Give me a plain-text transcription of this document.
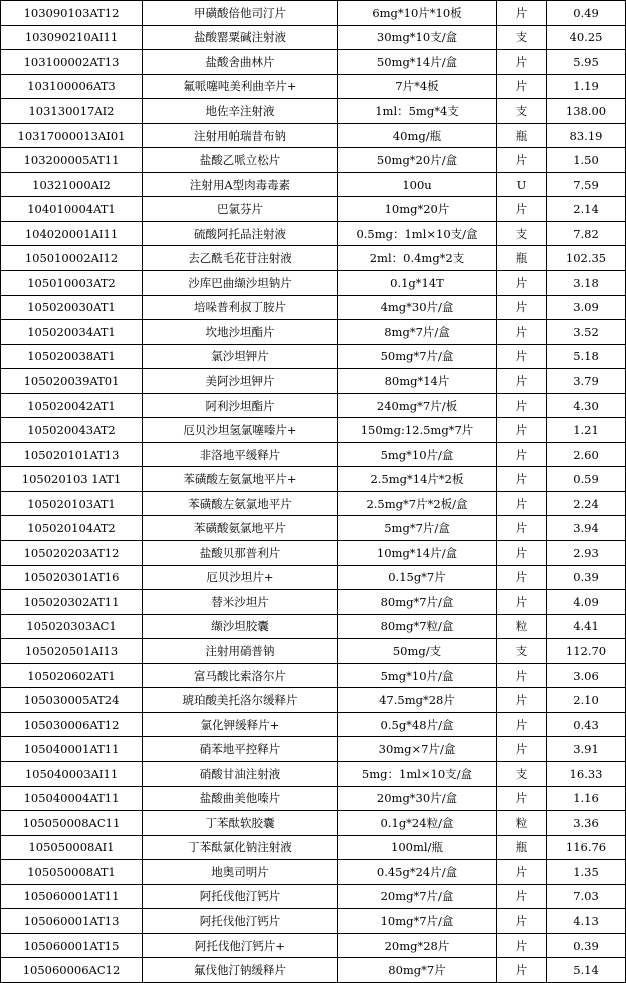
103090103AT12	甲磺酸倍他司汀片	6mg*10片*10板	片	0.49
103090210AI11	盐酸罂粟碱注射液	30mg*10支/盒	支	40.25
103100002AT13	盐酸舍曲林片	50mg*14片/盒	片	5.95
103100006AT3	氟哌噻吨美利曲辛片+	7片*4板	片	1.19
103130017AI2	地佐辛注射液	1ml：5mg*4支	支	138.00
10317000013AI01	注射用帕瑞昔布钠	40mg/瓶	瓶	83.19
103200005AT11	盐酸乙哌立松片	50mg*20片/盒	片	1.50
10321000AI2	注射用A型肉毒毒素	100u	U	7.59
104010004AT1	巴氯芬片	10mg*20片	片	2.14
104020001AI11	硫酸阿托品注射液	0.5mg：1ml×10支/盒	支	7.82
105010002AI12	去乙酰毛花苷注射液	2ml：0.4mg*2支	瓶	102.35
105010003AT2	沙库巴曲缬沙坦钠片	0.1g*14T	片	3.18
105020030AT1	培哚普利叔丁胺片	4mg*30片/盒	片	3.09
105020034AT1	坎地沙坦酯片	8mg*7片/盒	片	3.52
105020038AT1	氯沙坦钾片	50mg*7片/盒	片	5.18
105020039AT01	美阿沙坦钾片	80mg*14片	片	3.79
105020042AT1	阿利沙坦酯片	240mg*7片/板	片	4.30
105020043AT2	厄贝沙坦氢氯噻嗪片+	150mg:12.5mg*7片	片	1.21
105020101AT13	非洛地平缓释片	5mg*10片/盒	片	2.60
105020103 1AT1	苯磺酸左氨氯地平片+	2.5mg*14片*2板	片	0.59
105020103AT1	苯磺酸左氨氯地平片	2.5mg*7片*2板/盒	片	2.24
105020104AT2	苯磺酸氨氯地平片	5mg*7片/盒	片	3.94
105020203AT12	盐酸贝那普利片	10mg*14片/盒	片	2.93
105020301AT16	厄贝沙坦片+	0.15g*7片	片	0.39
105020302AT11	替米沙坦片	80mg*7片/盒	片	4.09
105020303AC1	缬沙坦胶囊	80mg*7粒/盒	粒	4.41
105020501AI13	注射用硝普钠	50mg/支	支	112.70
105020602AT1	富马酸比索洛尔片	5mg*10片/盒	片	3.06
105030005AT24	琥珀酸美托洛尔缓释片	47.5mg*28片	片	2.10
105030006AT12	氯化钾缓释片+	0.5g*48片/盒	片	0.43
105040001AT11	硝苯地平控释片	30mg×7片/盒	片	3.91
105040003AI11	硝酸甘油注射液	5mg：1ml×10支/盒	支	16.33
105040004AT11	盐酸曲美他嗪片	20mg*30片/盒	片	1.16
105050008AC11	丁苯酞软胶囊	0.1g*24粒/盒	粒	3.36
105050008AI1	丁苯酞氯化钠注射液	100ml/瓶	瓶	116.76
105050008AT1	地奥司明片	0.45g*24片/盒	片	1.35
105060001AT11	阿托伐他汀钙片	20mg*7片/盒	片	7.03
105060001AT13	阿托伐他汀钙片	10mg*7片/盒	片	4.13
105060001AT15	阿托伐他汀钙片+	20mg*28片	片	0.39
105060006AC12	氟伐他汀钠缓释片	80mg*7片	片	5.14
